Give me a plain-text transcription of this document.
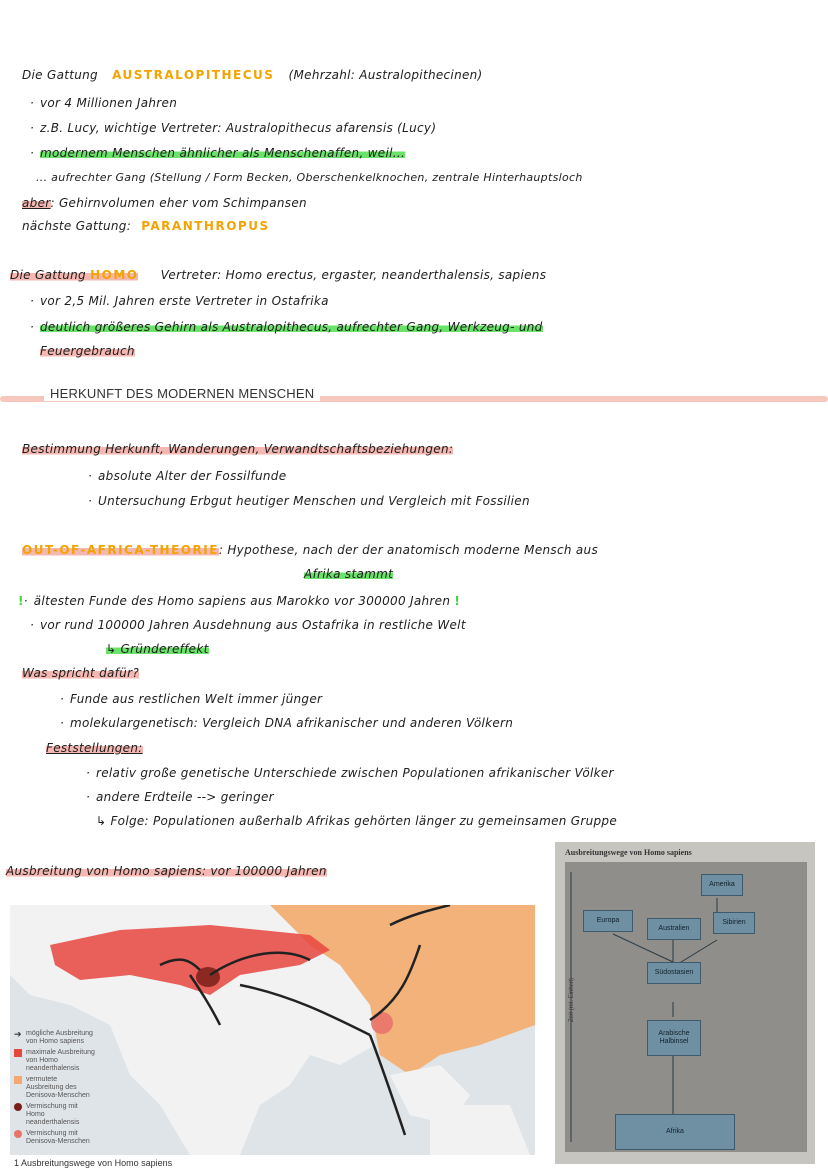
Die Gattung AUSTRALOPITHECUS (Mehrzahl: Australopithecinen)
· vor 4 Millionen Jahren
· z.B. Lucy, wichtige Vertreter: Australopithecus afarensis (Lucy)
· modernem Menschen ähnlicher als Menschenaffen, weil...
... aufrechter Gang (Stellung / Form Becken, Oberschenkelknochen, zentrale Hinterhauptsloch
aber: Gehirnvolumen eher vom Schimpansen
nächste Gattung: PARANTHROPUS
Die Gattung HOMO Vertreter: Homo erectus, ergaster, neanderthalensis, sapiens
· vor 2,5 Mil. Jahren erste Vertreter in Ostafrika
· deutlich größeres Gehirn als Australopithecus, aufrechter Gang, Werkzeug- und
Feuergebrauch
HERKUNFT DES MODERNEN MENSCHEN
Bestimmung Herkunft, Wanderungen, Verwandtschaftsbeziehungen:
· absolute Alter der Fossilfunde
· Untersuchung Erbgut heutiger Menschen und Vergleich mit Fossilien
OUT-OF-AFRICA-THEORIE: Hypothese, nach der der anatomisch moderne Mensch aus
Afrika stammt
!· ältesten Funde des Homo sapiens aus Marokko vor 300000 Jahren !
· vor rund 100000 Jahren Ausdehnung aus Ostafrika in restliche Welt
↳ Gründereffekt
Was spricht dafür?
· Funde aus restlichen Welt immer jünger
· molekulargenetisch: Vergleich DNA afrikanischer und anderen Völkern
Feststellungen:
· relativ große genetische Unterschiede zwischen Populationen afrikanischer Völker
· andere Erdteile --> geringer
↳ Folge: Populationen außerhalb Afrikas gehörten länger zu gemeinsamen Gruppe
Ausbreitung von Homo sapiens: vor 100000 Jahren
➔ mögliche Ausbreitung von Homo sapiens
maximale Ausbreitung von Homo neanderthalensis
vermutete Ausbreitung des Denisova-Menschen
Vermischung mit Homo neanderthalensis
Vermischung mit Denisova-Menschen
1 Ausbreitungswege von Homo sapiens
Ausbreitungswege von Homo sapiens
Zeit (rel. Einheit)
Europa
Australien
Amerika
Sibirien
Südostasien
Arabische Halbinsel
Afrika
